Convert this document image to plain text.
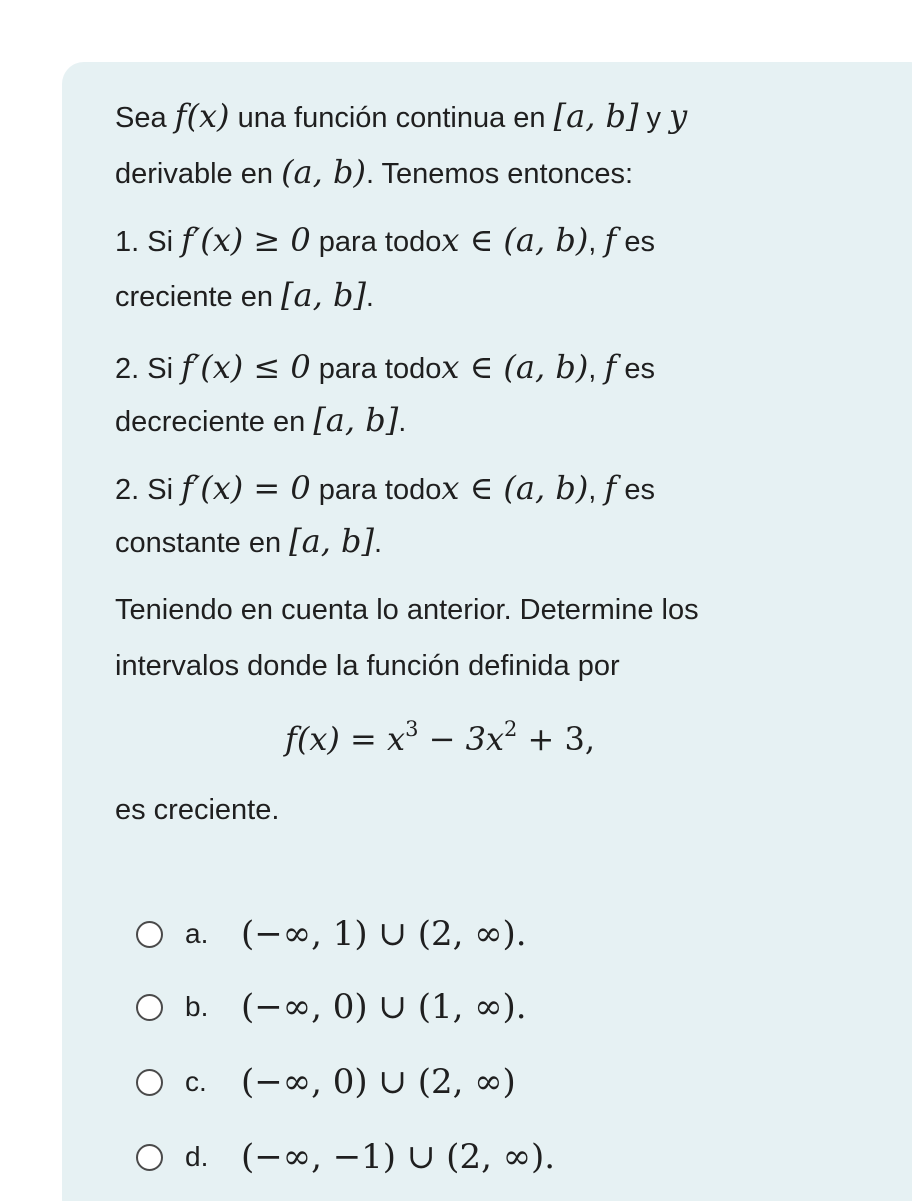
Sea f(x) una función continua en [a, b] y y
derivable en (a, b). Tenemos entonces:
1. Si f′(x) ≥ 0 para todox ∈ (a, b), f es
creciente en [a, b].
2. Si f′(x) ≤ 0 para todox ∈ (a, b), f es
decreciente en [a, b].
2. Si f′(x) = 0 para todox ∈ (a, b), f es
constante en [a, b].
Teniendo en cuenta lo anterior. Determine los
intervalos donde la función definida por
$f(x) = x^3 - 3x^2 + 3$,
es creciente.
a. (−∞, 1) ∪ (2, ∞).
b. (−∞, 0) ∪ (1, ∞).
c.	(−∞, 0) ∪ (2, ∞)
d. (−∞, −1) ∪ (2, ∞).
